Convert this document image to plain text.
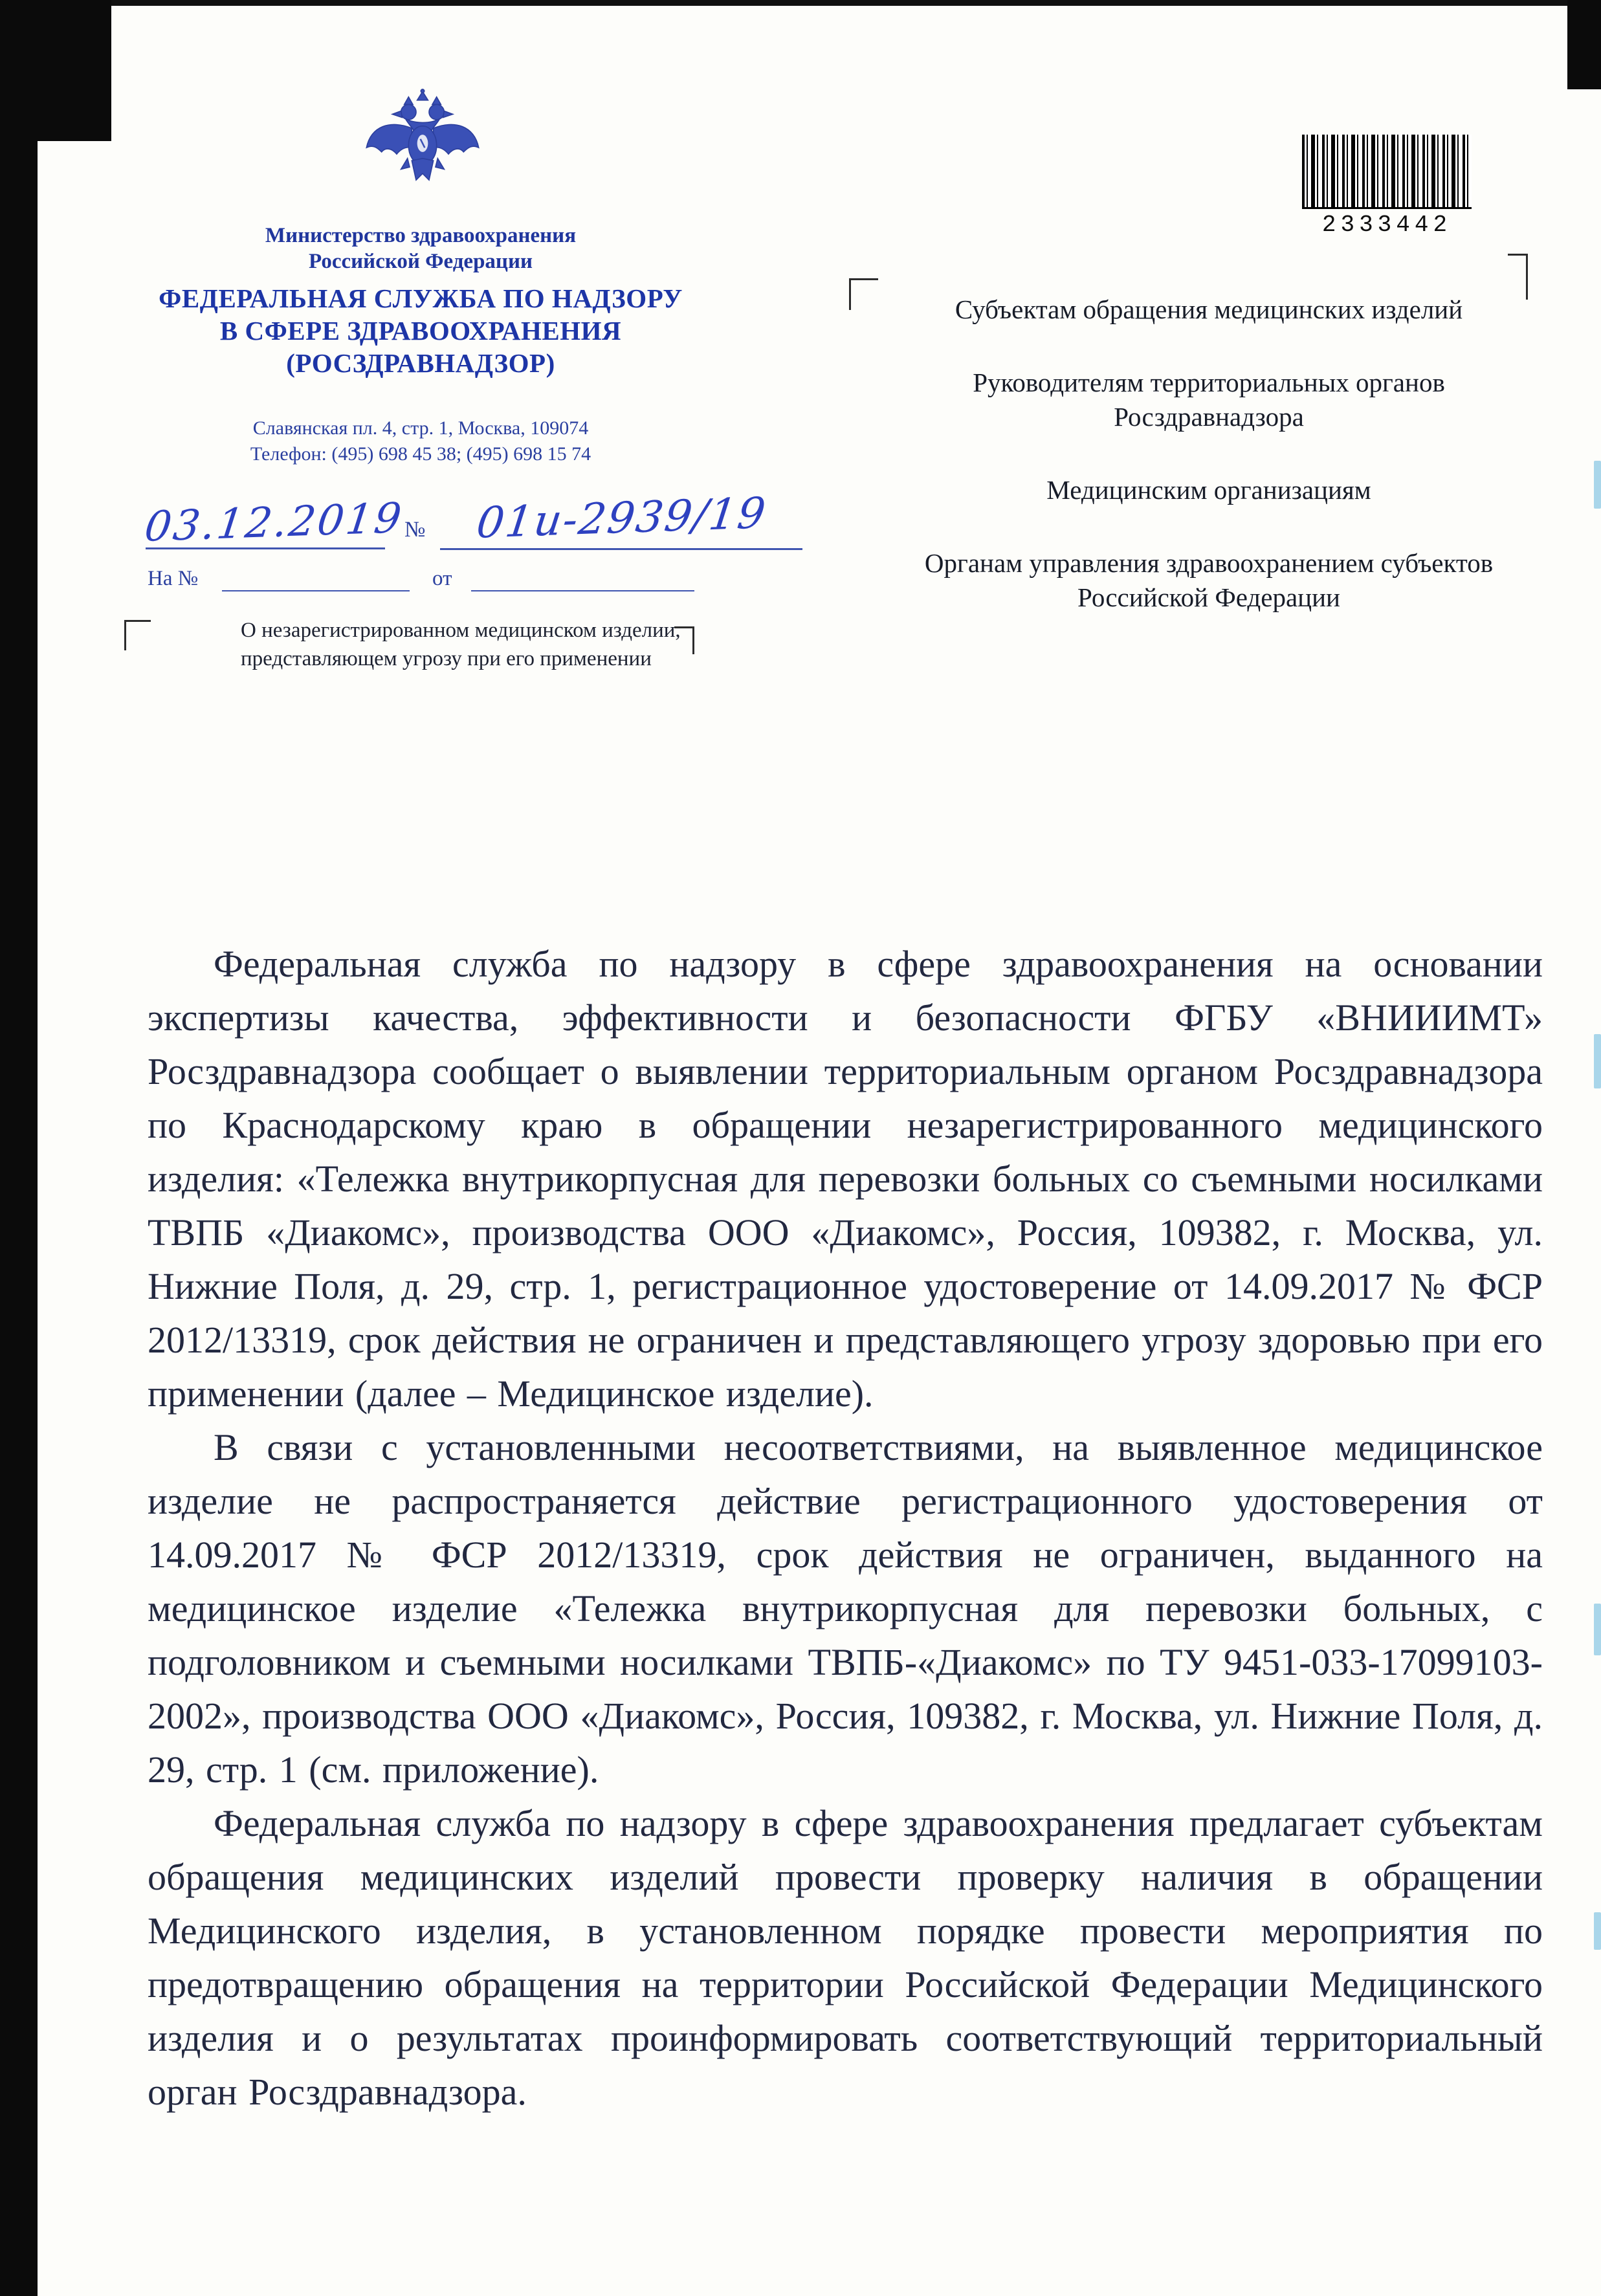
Министерство здравоохранения
Российской Федерации
ФЕДЕРАЛЬНАЯ СЛУЖБА ПО НАДЗОРУ
В СФЕРЕ ЗДРАВООХРАНЕНИЯ
(РОСЗДРАВНАДЗОР)
Славянская пл. 4, стр. 1, Москва, 109074
Телефон: (495) 698 45 38; (495) 698 15 74
03.12.2019
№	01и-2939/19
На №	от
О незарегистрированном медицинском изделии, представляющем угрозу при его применении
2333442
Субъектам обращения медицинских изделий
Руководителям территориальных органов Росздравнадзора
Медицинским организациям
Органам управления здравоохранением субъектов Российской Федерации

Федеральная служба по надзору в сфере здравоохранения на основании экспертизы качества, эффективности и безопасности ФГБУ «ВНИИИМТ» Росздравнадзора сообщает о выявлении территориальным органом Росздравнадзора по Краснодарскому краю в обращении незарегистрированного медицинского изделия: «Тележка внутрикорпусная для перевозки больных со съемными носилками ТВПБ «Диакомс», производства ООО «Диакомс», Россия, 109382, г. Москва, ул. Нижние Поля, д. 29, стр. 1, регистрационное удостоверение от 14.09.2017 № ФСР 2012/13319, срок действия не ограничен и представляющего угрозу здоровью при его применении (далее – Медицинское изделие).

В связи с установленными несоответствиями, на выявленное медицинское изделие не распространяется действие регистрационного удостоверения от 14.09.2017 № ФСР 2012/13319, срок действия не ограничен, выданного на медицинское изделие «Тележка внутрикорпусная для перевозки больных, с подголовником и съемными носилками ТВПБ-«Диакомс» по ТУ 9451-033-17099103-2002», производства ООО «Диакомс», Россия, 109382, г. Москва, ул. Нижние Поля, д. 29, стр. 1 (см. приложение).

Федеральная служба по надзору в сфере здравоохранения предлагает субъектам обращения медицинских изделий провести проверку наличия в обращении Медицинского изделия, в установленном порядке провести мероприятия по предотвращению обращения на территории Российской Федерации Медицинского изделия и о результатах проинформировать соответствующий территориальный орган Росздравнадзора.
